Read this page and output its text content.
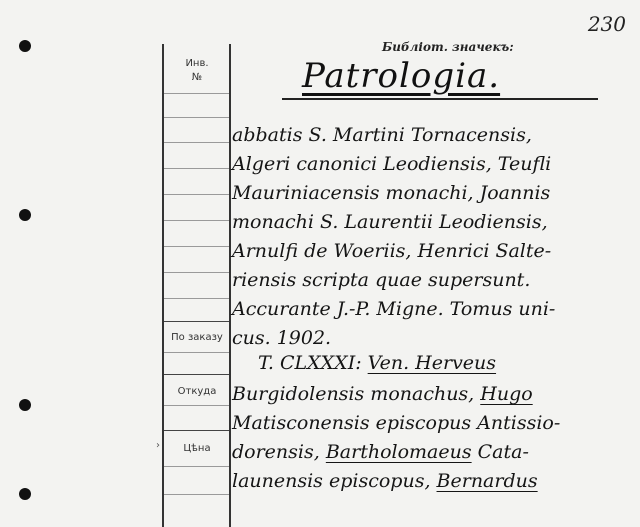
230
Инв.
№
По заказу
Откуда
Цѣна
›
Библіот. значекъ:
Patrologia.
abbatis S. Martini Tornacensis,
Algeri canonici Leodiensis, Teufli
Mauriniacensis monachi, Joannis
monachi S. Laurentii Leodiensis,
Arnulfi de Woeriis, Henrici Salte-
riensis scripta quae supersunt.
Accurante J.-P. Migne. Tomus uni-
cus. 1902.
T. CLXXXI: Ven. Herveus
Burgidolensis monachus, Hugo
Matisconensis episcopus Antissio-
dorensis, Bartholomaeus Cata-
launensis episcopus, Bernardus
